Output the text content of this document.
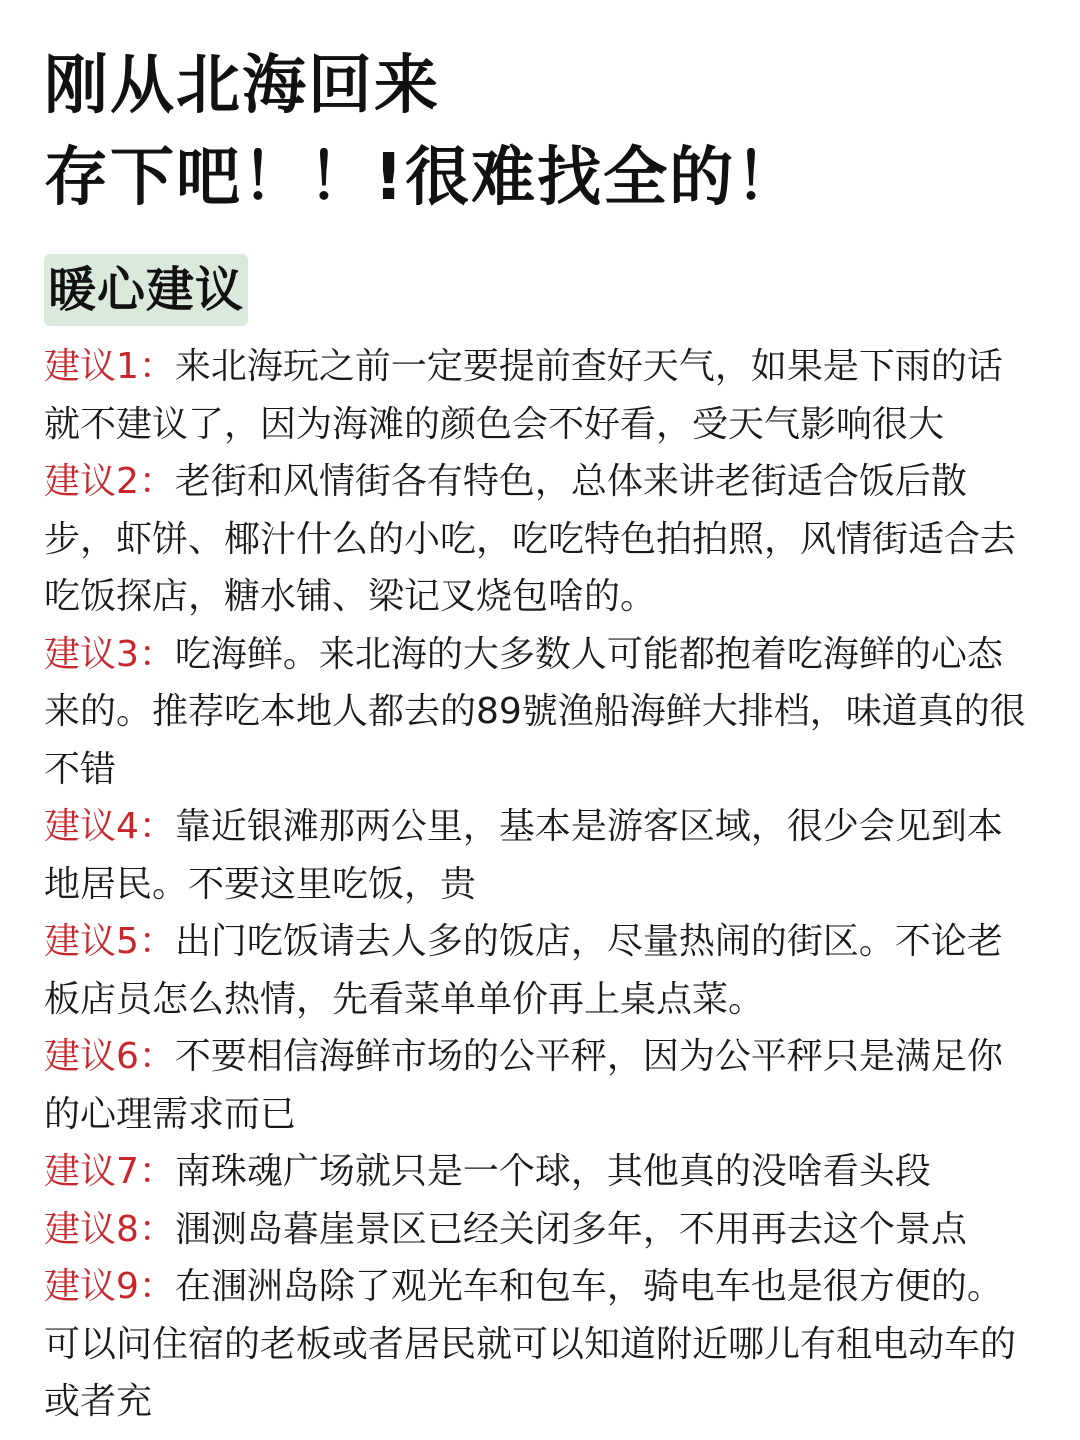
刚从北海回来
存下吧！！!很难找全的！
暖心建议

建议1：来北海玩之前一定要提前查好天气，如果是下雨的话就不建议了，因为海滩的颜色会不好看，受天气影响很大

建议2：老街和风情街各有特色，总体来讲老街适合饭后散步，虾饼、椰汁什么的小吃，吃吃特色拍拍照，风情街适合去吃饭探店，糖水铺、梁记叉烧包啥的。

建议3：吃海鲜。来北海的大多数人可能都抱着吃海鲜的心态来的。推荐吃本地人都去的89號渔船海鲜大排档，味道真的很不错

建议4：靠近银滩那两公里，基本是游客区域，很少会见到本地居民。不要这里吃饭，贵

建议5：出门吃饭请去人多的饭店，尽量热闹的街区。不论老板店员怎么热情，先看菜单单价再上桌点菜。

建议6：不要相信海鲜市场的公平秤，因为公平秤只是满足你的心理需求而已

建议7：南珠魂广场就只是一个球，其他真的没啥看头段

建议8：涠测岛暮崖景区已经关闭多年，不用再去这个景点

建议9：在涠洲岛除了观光车和包车，骑电车也是很方便的。可以问住宿的老板或者居民就可以知道附近哪儿有租电动车的或者充
